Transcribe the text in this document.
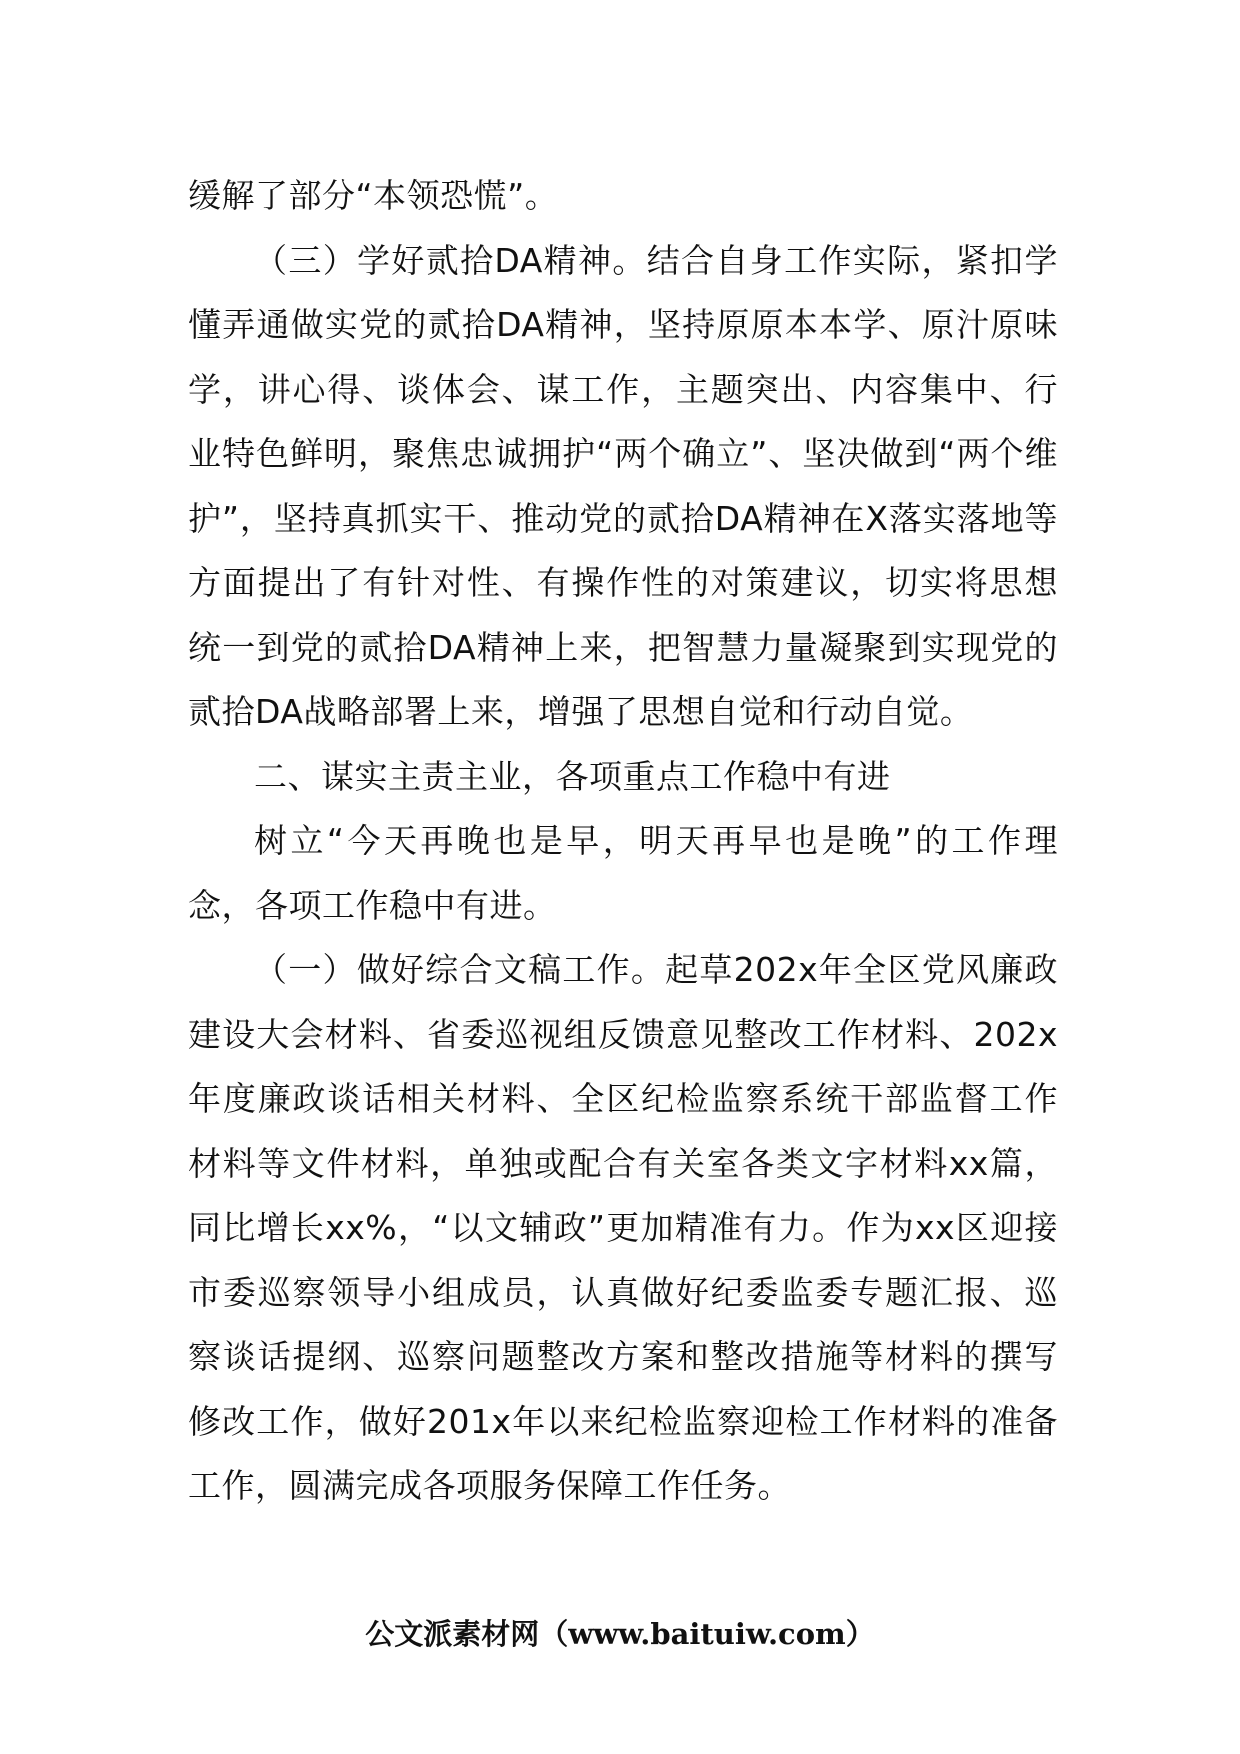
缓解了部分“本领恐慌”。

（三）学好贰拾DA精神。结合自身工作实际，紧扣学懂弄通做实党的贰拾DA精神，坚持原原本本学、原汁原味学，讲心得、谈体会、谋工作，主题突出、内容集中、行业特色鲜明，聚焦忠诚拥护“两个确立”、坚决做到“两个维护”，坚持真抓实干、推动党的贰拾DA精神在X落实落地等方面提出了有针对性、有操作性的对策建议，切实将思想统一到党的贰拾DA精神上来，把智慧力量凝聚到实现党的贰拾DA战略部署上来，增强了思想自觉和行动自觉。

二、谋实主责主业，各项重点工作稳中有进

树立“今天再晚也是早，明天再早也是晚”的工作理念，各项工作稳中有进。

（一）做好综合文稿工作。起草202x年全区党风廉政建设大会材料、省委巡视组反馈意见整改工作材料、202x年度廉政谈话相关材料、全区纪检监察系统干部监督工作材料等文件材料，单独或配合有关室各类文字材料xx篇，同比增长xx%，“以文辅政”更加精准有力。作为xx区迎接市委巡察领导小组成员，认真做好纪委监委专题汇报、巡察谈话提纲、巡察问题整改方案和整改措施等材料的撰写修改工作，做好201x年以来纪检监察迎检工作材料的准备工作，圆满完成各项服务保障工作任务。

公文派素材网（www.baituiw.com）
